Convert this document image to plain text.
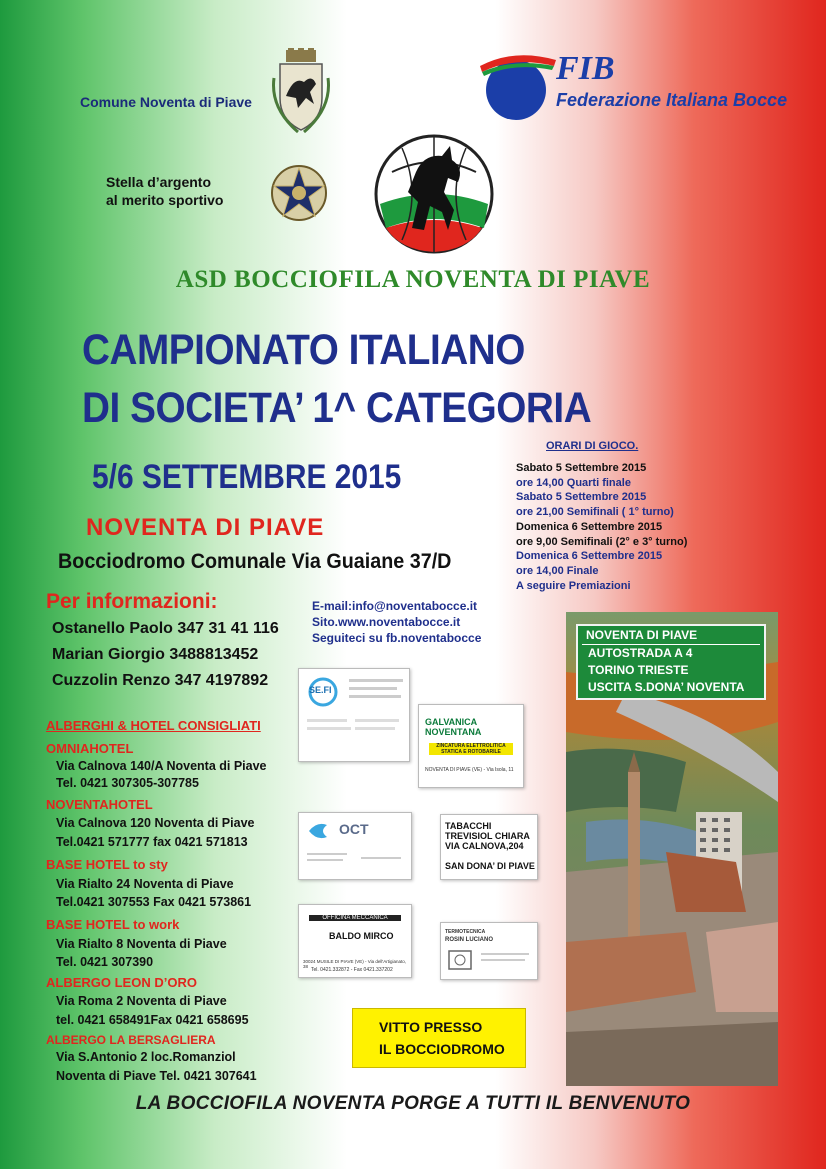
Comune Noventa di Piave
Stella d’argento
al merito sportivo
FIB
Federazione Italiana Bocce
ASD BOCCIOFILA NOVENTA DI PIAVE
CAMPIONATO ITALIANO
DI SOCIETA’ 1^ CATEGORIA
5/6 SETTEMBRE 2015
NOVENTA DI PIAVE
Bocciodromo Comunale Via Guaiane 37/D
ORARI DI GIOCO.
Sabato 5 Settembre 2015
ore 14,00 Quarti finale
Sabato 5 Settembre 2015
ore 21,00 Semifinali ( 1° turno)
Domenica 6 Settembre 2015
ore 9,00 Semifinali (2° e 3° turno)
Domenica 6 Settembre 2015
ore 14,00 Finale
A seguire Premiazioni
Per informazioni:
Ostanello Paolo 347 31 41 116
Marian Giorgio 3488813452
Cuzzolin Renzo 347 4197892
E-mail:info@noventabocce.it
Sito.www.noventabocce.it
Seguiteci su fb.noventabocce
ALBERGHI & HOTEL CONSIGLIATI
OMNIAHOTEL
Via Calnova 140/A Noventa di Piave
Tel. 0421 307305-307785
NOVENTAHOTEL
Via Calnova 120 Noventa di Piave
Tel.0421 571777 fax 0421 571813
BASE HOTEL to sty
Via Rialto 24 Noventa di Piave
Tel.0421 307553 Fax 0421 573861
BASE HOTEL to work
Via Rialto 8 Noventa di Piave
Tel. 0421 307390
ALBERGO LEON D’ORO
Via Roma 2 Noventa di Piave
tel. 0421 658491Fax 0421 658695
ALBERGO LA BERSAGLIERA
Via S.Antonio 2 loc.Romanziol
Noventa di Piave Tel. 0421 307641
SE.FI
GALVANICA NOVENTANA
ZINCATURA ELETTROLITICA STATICA E ROTOBARILE
NOVENTA DI PIAVE (VE) - Via Isola, 11
OCT	TABACCHI TREVISIOL CHIARA
VIA CALNOVA,204
SAN DONA’ DI PIAVE
OFFICINA MECCANICA
BALDO MIRCO
30024 MUSILE DI PIAVE (VE) - Via dell'Artigianato, 38
Tel. 0421.332872 - Fax 0421.337202
TERMOTECNICA
ROSIN LUCIANO
NOVENTA DI PIAVE
AUTOSTRADA A 4
TORINO TRIESTE
USCITA S.DONA’ NOVENTA
VITTO PRESSO
IL BOCCIODROMO
LA BOCCIOFILA NOVENTA PORGE A TUTTI IL BENVENUTO
